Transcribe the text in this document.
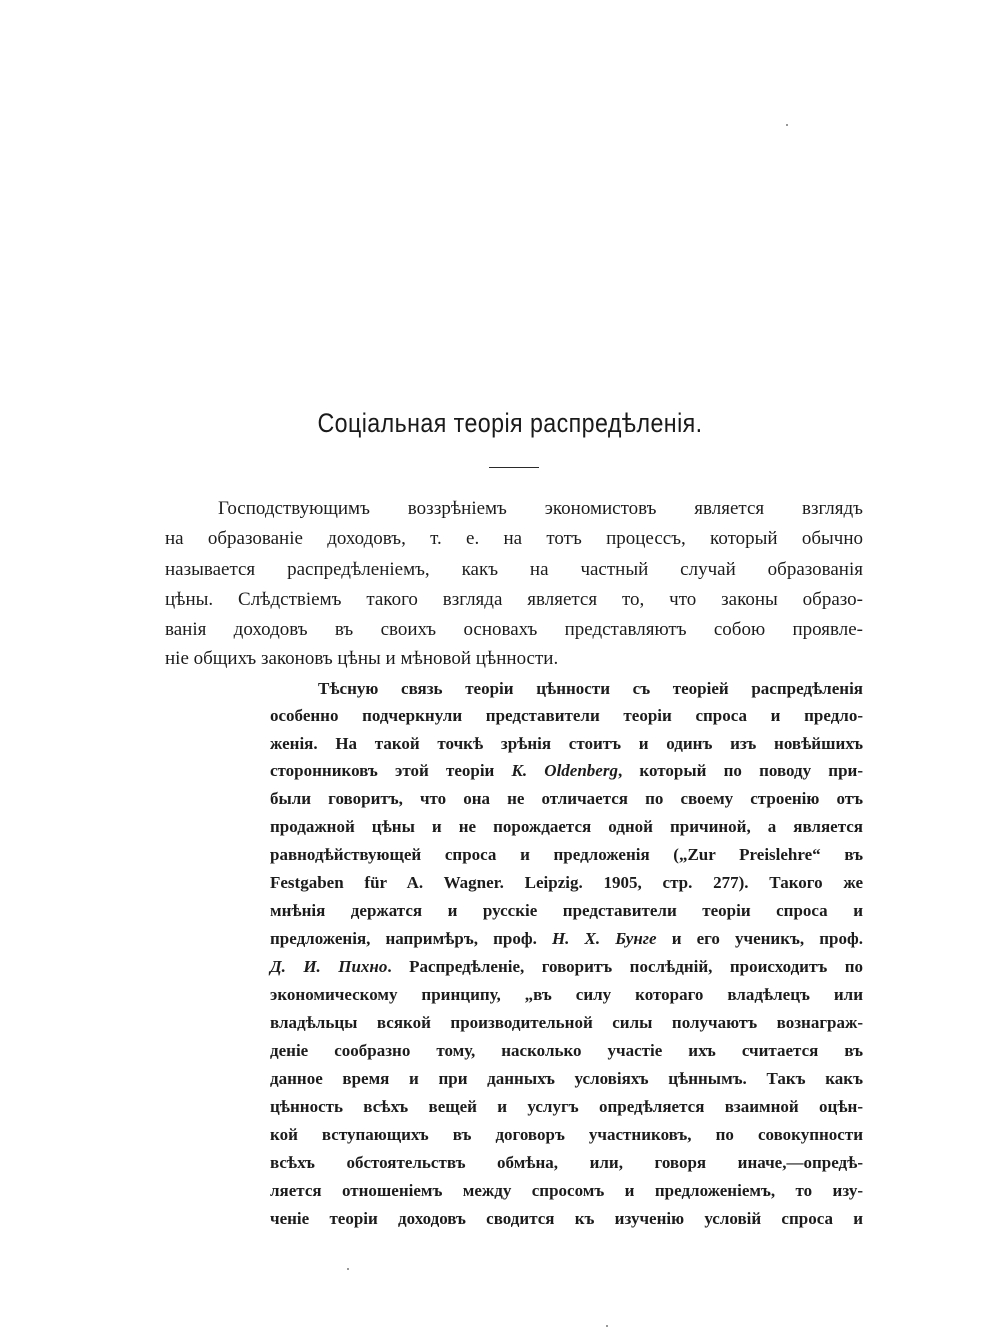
Соціальная теорія распредѣленія.
Господствующимъ воззрѣніемъ экономистовъ является взглядъ
на образованіе доходовъ, т. е. на тотъ процессъ, который обычно
называется распредѣленіемъ, какъ на частный случай образованія
цѣны. Слѣдствіемъ такого взгляда является то, что законы образо-
ванія доходовъ въ своихъ основахъ представляютъ собою проявле-
ніе общихъ законовъ цѣны и мѣновой цѣнности.
Тѣсную связь теоріи цѣнности съ теоріей распредѣленія
особенно подчеркнули представители теоріи спроса и предло-
женія. На такой точкѣ зрѣнія стоитъ и одинъ изъ новѣйшихъ
сторонниковъ этой теоріи K. Oldenberg, который по поводу при-
были говоритъ, что она не отличается по своему строенію отъ
продажной цѣны и не порождается одной причиной, а является
равнодѣйствующей спроса и предложенія („Zur Preislehre“ въ
Festgaben für A. Wagner. Leipzig. 1905, стр. 277). Такого же
мнѣнія держатся и русскіе представители теоріи спроса и
предложенія, напримѣръ, проф. Н. Х. Бунге и его ученикъ, проф.
Д. И. Пихно. Распредѣленіе, говоритъ послѣдній, происходитъ по
экономическому принципу, „въ силу котораго владѣлецъ или
владѣльцы всякой производительной силы получаютъ вознаграж-
деніе сообразно тому, насколько участіе ихъ считается въ
данное время и при данныхъ условіяхъ цѣннымъ. Такъ какъ
цѣнность всѣхъ вещей и услугъ опредѣляется взаимной оцѣн-
кой вступающихъ въ договоръ участниковъ, по совокупности
всѣхъ обстоятельствъ обмѣна, или, говоря иначе,—опредѣ-
ляется отношеніемъ между спросомъ и предложеніемъ, то изу-
ченіе теоріи доходовъ сводится къ изученію условій спроса и
